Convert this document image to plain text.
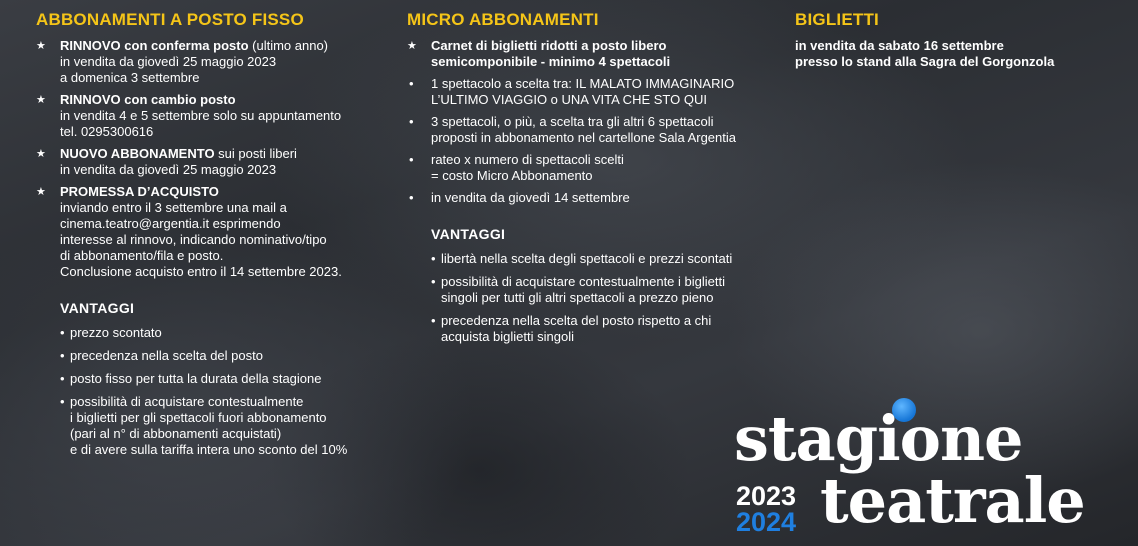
ABBONAMENTI A POSTO FISSO
★ RINNOVO con conferma posto (ultimo anno)
in vendita da giovedì 25 maggio 2023
a domenica 3 settembre
★ RINNOVO con cambio posto
in vendita 4 e 5 settembre solo su appuntamento
tel. 0295300616
★ NUOVO ABBONAMENTO sui posti liberi
in vendita da giovedì 25 maggio 2023
★ PROMESSA D’ACQUISTO
inviando entro il 3 settembre una mail a
cinema.teatro@argentia.it esprimendo
interesse al rinnovo, indicando nominativo/tipo
di abbonamento/fila e posto.
Conclusione acquisto entro il 14 settembre 2023.
VANTAGGI
• prezzo scontato
• precedenza nella scelta del posto
• posto fisso per tutta la durata della stagione
• possibilità di acquistare contestualmente
i biglietti per gli spettacoli fuori abbonamento
(pari al n° di abbonamenti acquistati)
e di avere sulla tariffa intera uno sconto del 10%
MICRO ABBONAMENTI
★ Carnet di biglietti ridotti a posto libero
semicomponibile - minimo 4 spettacoli
• 1 spettacolo a scelta tra: IL MALATO IMMAGINARIO
L’ULTIMO VIAGGIO o UNA VITA CHE STO QUI
• 3 spettacoli, o più, a scelta tra gli altri 6 spettacoli
proposti in abbonamento nel cartellone Sala Argentia
• rateo x numero di spettacoli scelti
= costo Micro Abbonamento
• in vendita da giovedì 14 settembre
VANTAGGI
• libertà nella scelta degli spettacoli e prezzi scontati
• possibilità di acquistare contestualmente i biglietti
singoli per tutti gli altri spettacoli a prezzo pieno
• precedenza nella scelta del posto rispetto a chi
acquista biglietti singoli
BIGLIETTI
in vendita da sabato 16 settembre
presso lo stand alla Sagra del Gorgonzola
stagione
2023
2024 teatrale
